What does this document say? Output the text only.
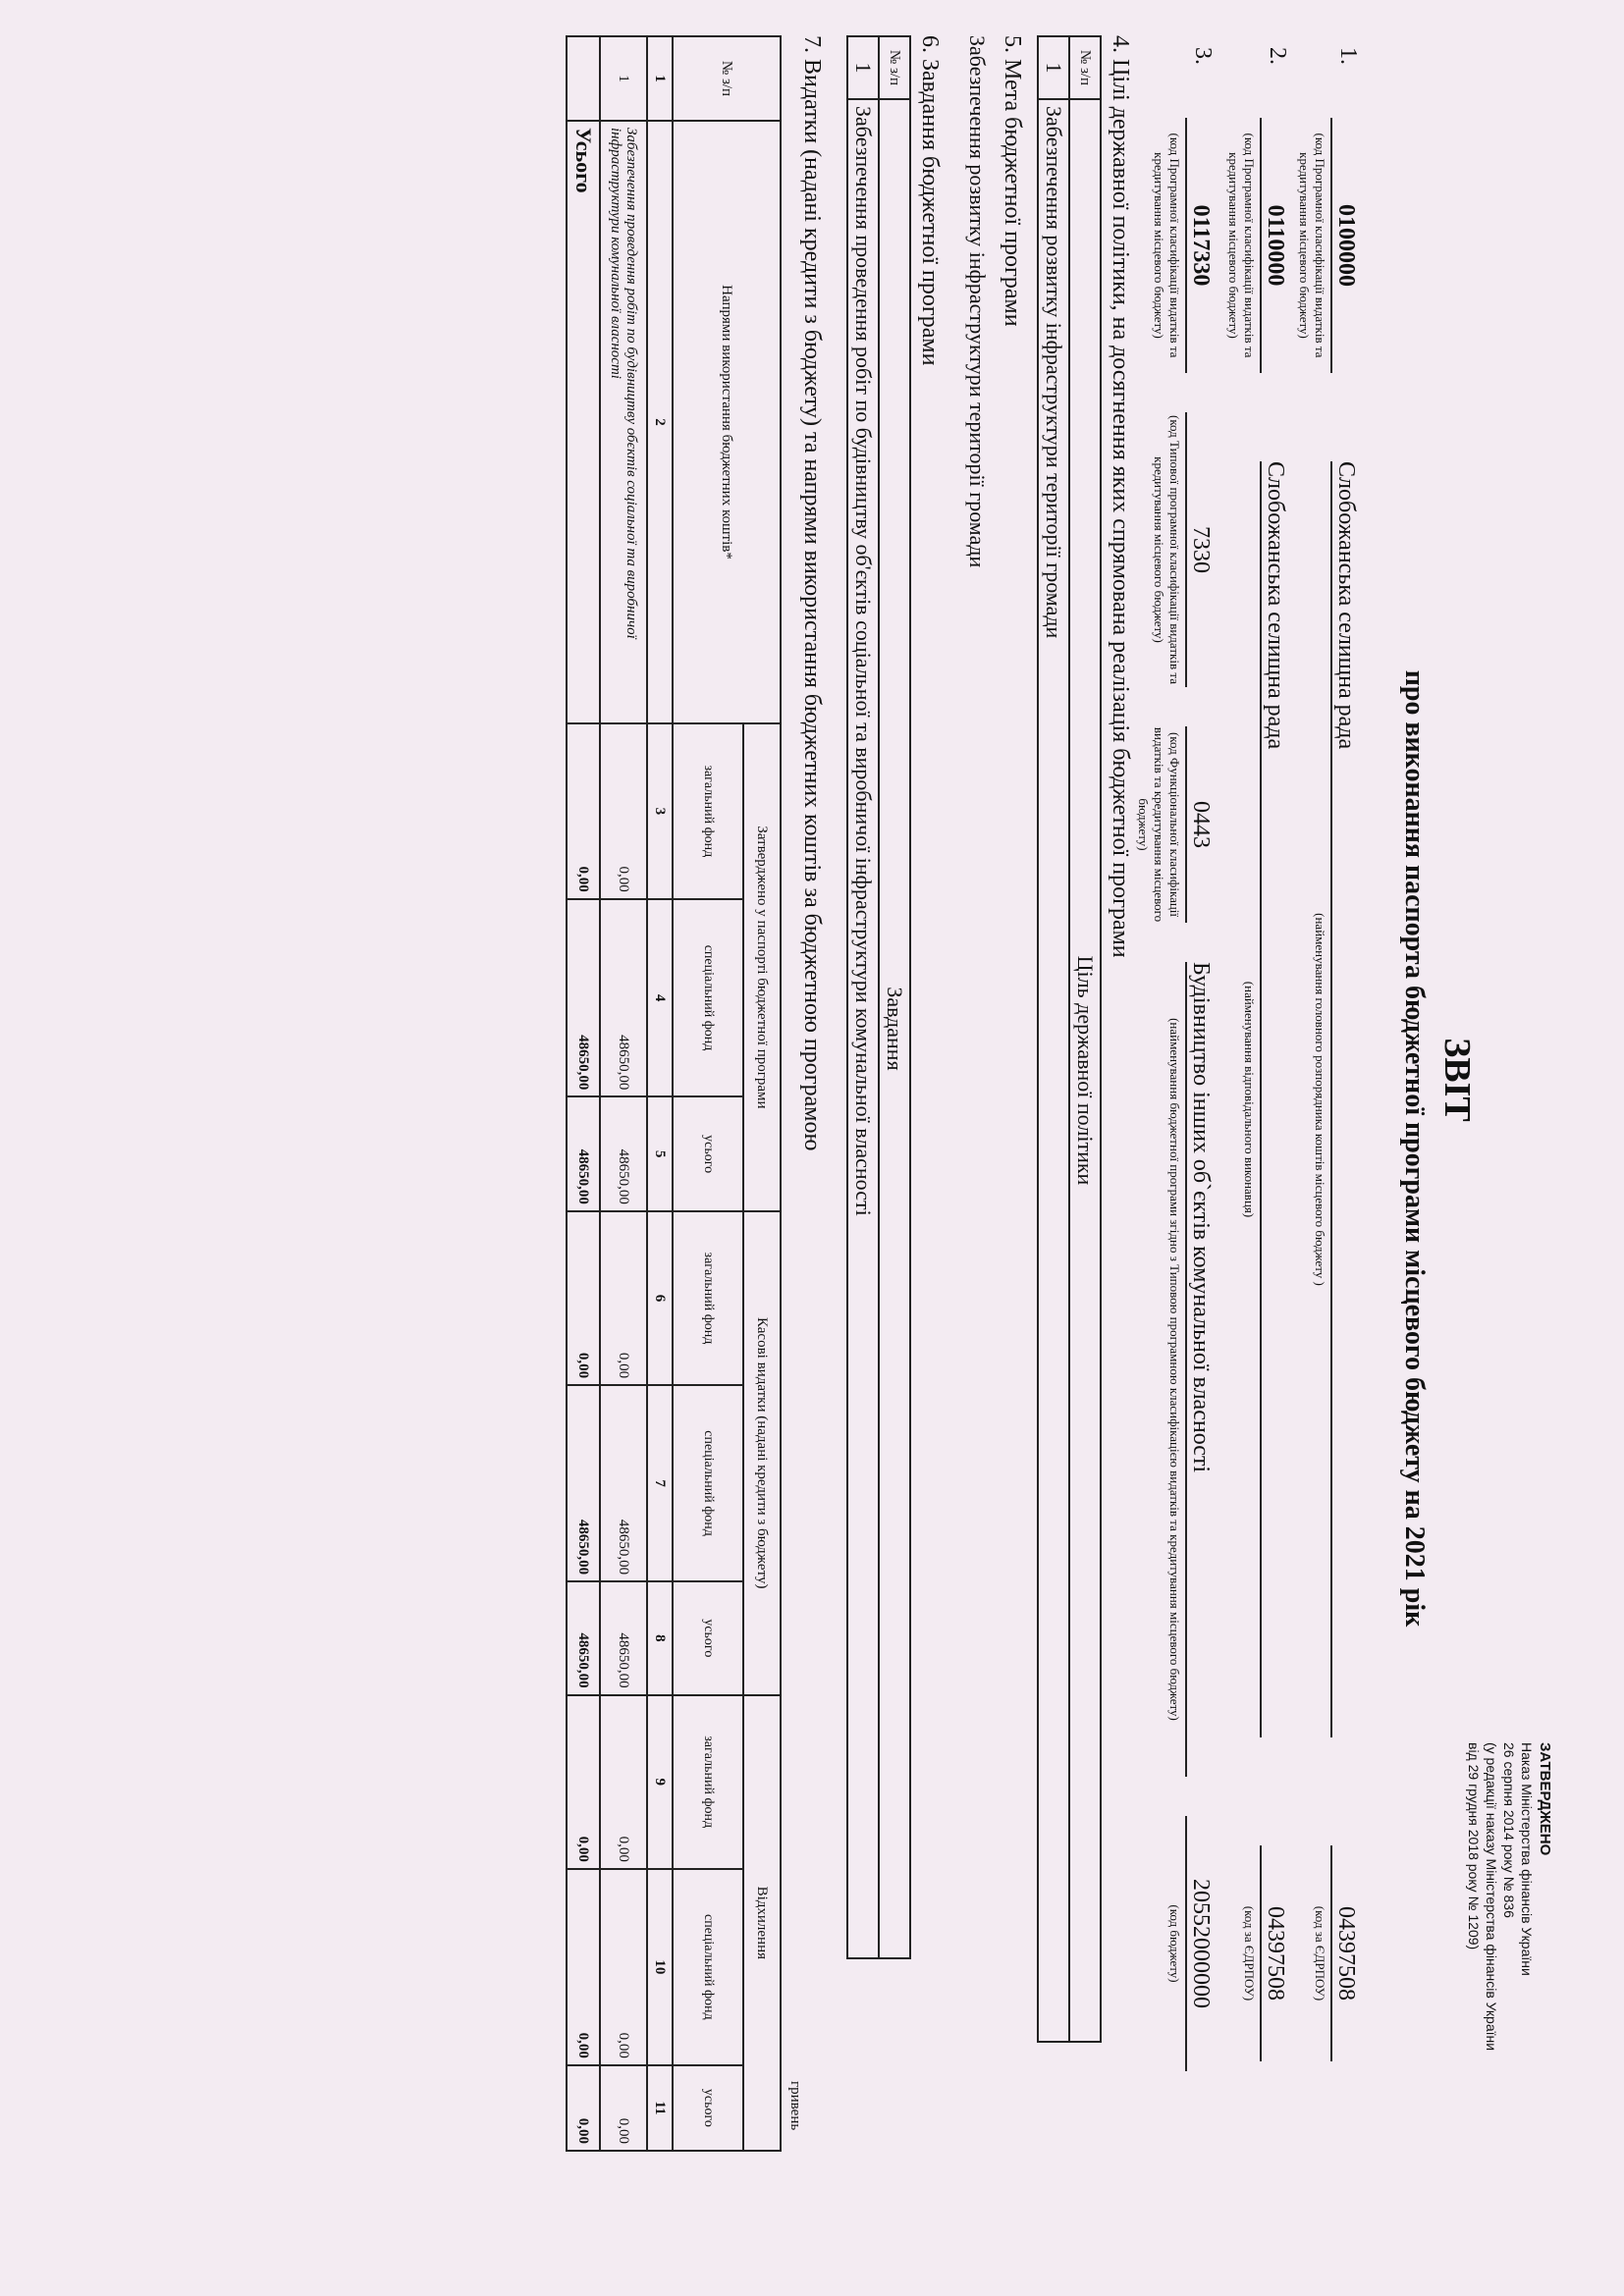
ЗАТВЕРДЖЕНО
Наказ Міністерства фінансів України
26 серпня 2014 року № 836
(у редакції наказу Міністерства фінансів України
від 29 грудня 2018 року № 1209)
ЗВІТ
про виконання паспорта бюджетної програми місцевого бюджету на 2021 рік
1.
0100000
(код Програмної класифікації видатків та кредитування місцевого бюджету)
Слобожанська селищна рада
(найменування головного розпорядника коштів місцевого бюджету )
04397508
(код за ЄДРПОУ)
2.
0110000
(код Програмної класифікації видатків та кредитування місцевого бюджету)
Слобожанська селищна рада
(найменування відповідального виконавця)
04397508
(код за ЄДРПОУ)
3.
0117330
(код Програмної класифікації видатків та кредитування місцевого бюджету)
7330
(код Типової програмної класифікації видатків та кредитування місцевого бюджету)
0443
(код Функціональної класифікації видатків та кредитування місцевого бюджету)
Будівництво інших об`єктів комунальної власності
(найменування бюджетної програми згідно з Типовою програмною класифікацією видатків та кредитування місцевого бюджету)
20552000000
(код бюджету)
4. Цілі державної політики, на досягнення яких спрямована реалізація бюджетної програми
№ з/п	Ціль державної політики
1	Забезпечення розвитку інфраструктури території громади
5. Мета бюджетної програми
Забезпечення розвитку інфраструктури території громади
6. Завдання бюджетної програми
№ з/п	Завдання
1	Забезпечення проведення робіт по будівництву об'єктів соціальної та виробничої інфраструктури комунальної власності
7. Видатки (надані кредити з бюджету) та напрями використання бюджетних коштів за бюджетною програмою
гривень
№ з/п	Напрями використання бюджетних коштів*	Затверджено у паспорті бюджетної програми			Касові видатки (надані кредити з бюджету)			Відхилення		
		загальний фонд	спеціальний фонд	усього	загальний фонд	спеціальний фонд	усього	загальний фонд	спеціальний фонд	усього
1	2	3	4	5	6	7	8	9	10	11
1	Забезпечення проведення робіт по будівництву обєктів соціальної та виробничої інфраструктури комунальної власності	0,00	48650,00	48650,00	0,00	48650,00	48650,00	0,00	0,00	0,00
	Усього	0,00	48650,00	48650,00	0,00	48650,00	48650,00	0,00	0,00	0,00
